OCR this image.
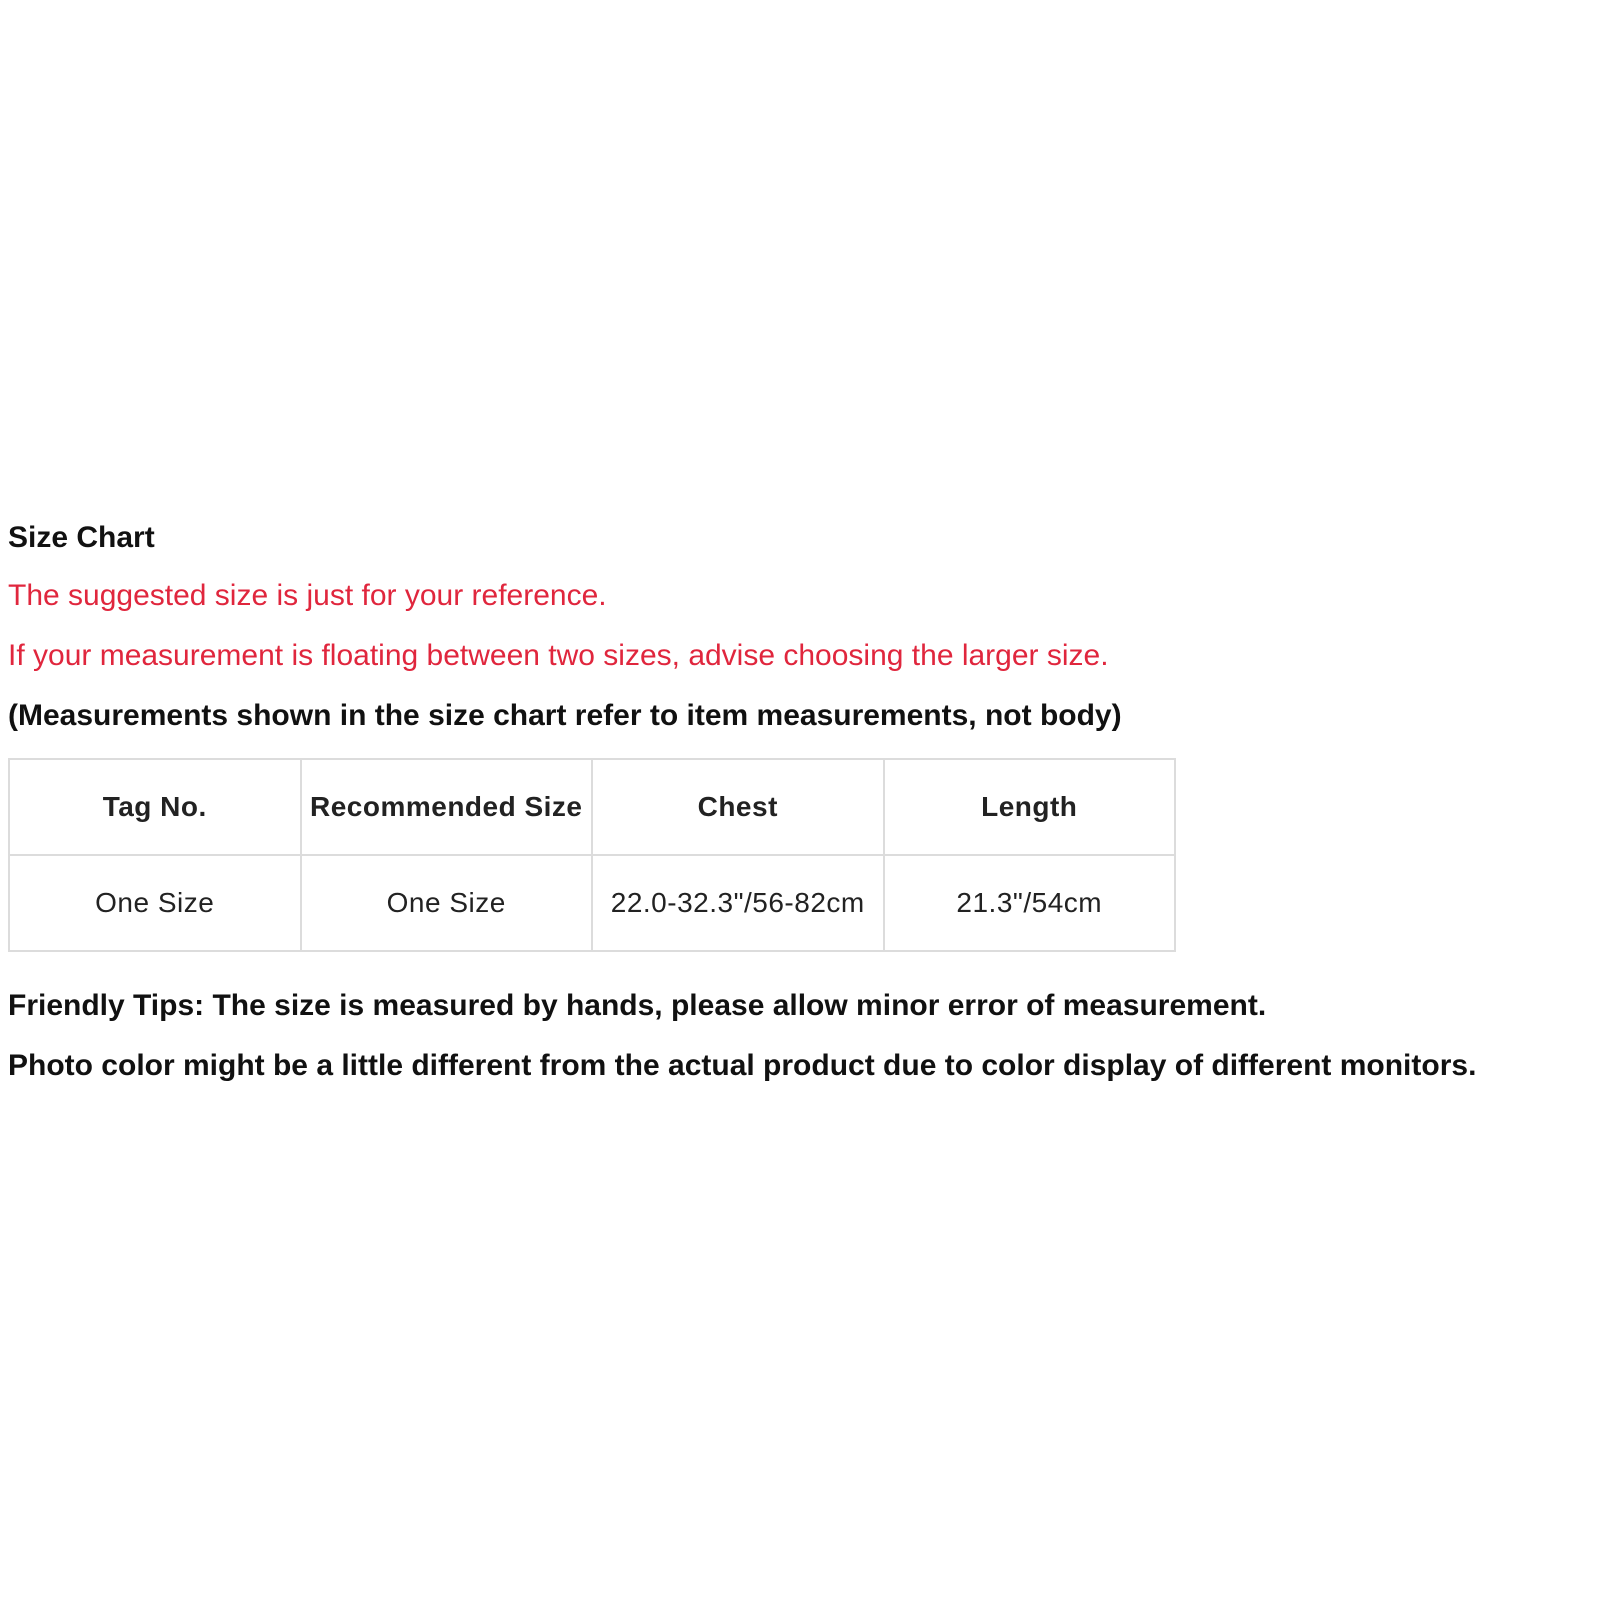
Size Chart
The suggested size is just for your reference.
If your measurement is floating between two sizes, advise choosing the larger size.
(Measurements shown in the size chart refer to item measurements, not body)
Tag No.	Recommended Size	Chest	Length
One Size	One Size	22.0-32.3"/56-82cm	21.3"/54cm
Friendly Tips: The size is measured by hands, please allow minor error of measurement.
Photo color might be a little different from the actual product due to color display of different monitors.
